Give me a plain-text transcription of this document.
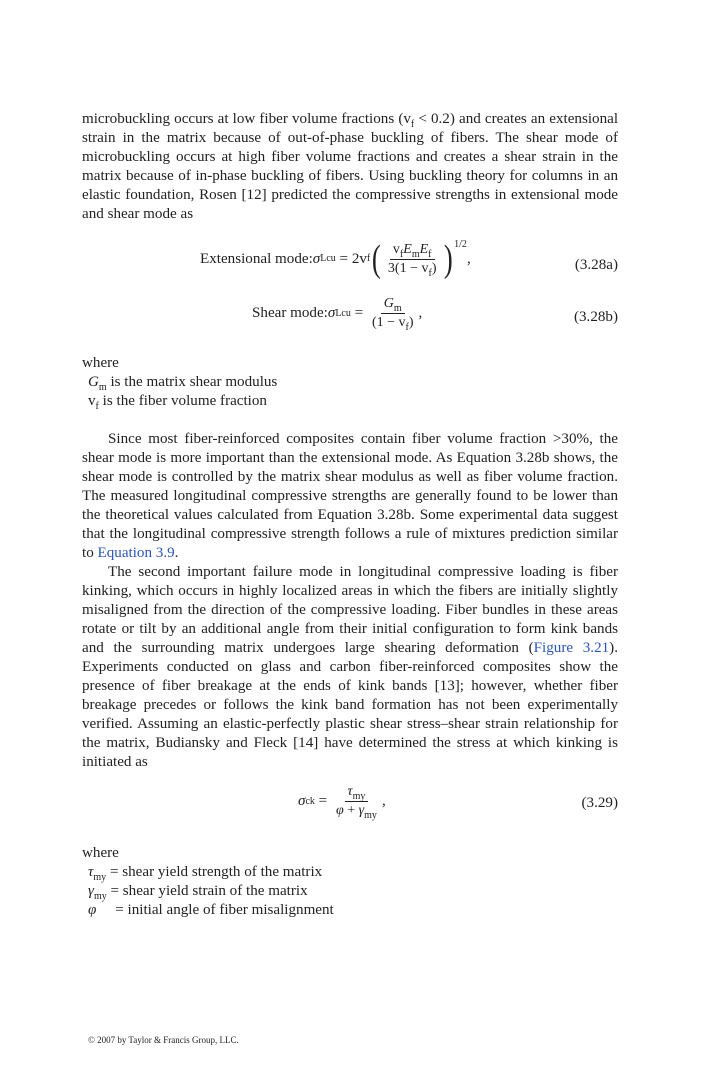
microbuckling occurs at low fiber volume fractions $(v_f < 0.2)$ and creates an extensional strain in the matrix because of out-of-phase buckling of fibers. The shear mode of microbuckling occurs at high fiber volume fractions and creates a shear strain in the matrix because of in-phase buckling of fibers. Using buckling theory for columns in an elastic foundation, Rosen [12] predicted the compressive strengths in extensional mode and shear mode as

Extensional mode: σ Lcu = 2v f ( $\frac{v_fE_mE_f}{3(1 - v_f)} )^{1/2}$
,	(3.28a)
Shear mode: σ Lcu = $\frac{G_m}{(1 - v_f)}$ ,	(3.28b)
where
$G_m$ is the matrix shear modulus
$v_f$ is the fiber volume fraction

Since most fiber-reinforced composites contain fiber volume fraction >30%, the shear mode is more important than the extensional mode. As Equation 3.28b shows, the shear mode is controlled by the matrix shear modulus as well as fiber volume fraction. The measured longitudinal compressive strengths are generally found to be lower than the theoretical values calculated from Equation 3.28b. Some experimental data suggest that the longitudinal compressive strength follows a rule of mixtures prediction similar to Equation 3.9.

The second important failure mode in longitudinal compressive loading is fiber kinking, which occurs in highly localized areas in which the fibers are initially slightly misaligned from the direction of the compressive loading. Fiber bundles in these areas rotate or tilt by an additional angle from their initial configuration to form kink bands and the surrounding matrix undergoes large shearing deformation (Figure 3.21). Experiments conducted on glass and carbon fiber-reinforced composites show the presence of fiber breakage at the ends of kink bands [13]; however, whether fiber breakage precedes or follows the kink band formation has not been experimentally verified. Assuming an elastic-perfectly plastic shear stress–shear strain relationship for the matrix, Budiansky and Fleck [14] have determined the stress at which kinking is initiated as

σ ck = $\frac{\tau_{my}}{\varphi + \gamma_{my}}$ ,	(3.29)
where
$\tau_{my}$ = shear yield strength of the matrix
$\gamma_{my}$ = shear yield strain of the matrix
φ = initial angle of fiber misalignment
© 2007 by Taylor & Francis Group, LLC.
